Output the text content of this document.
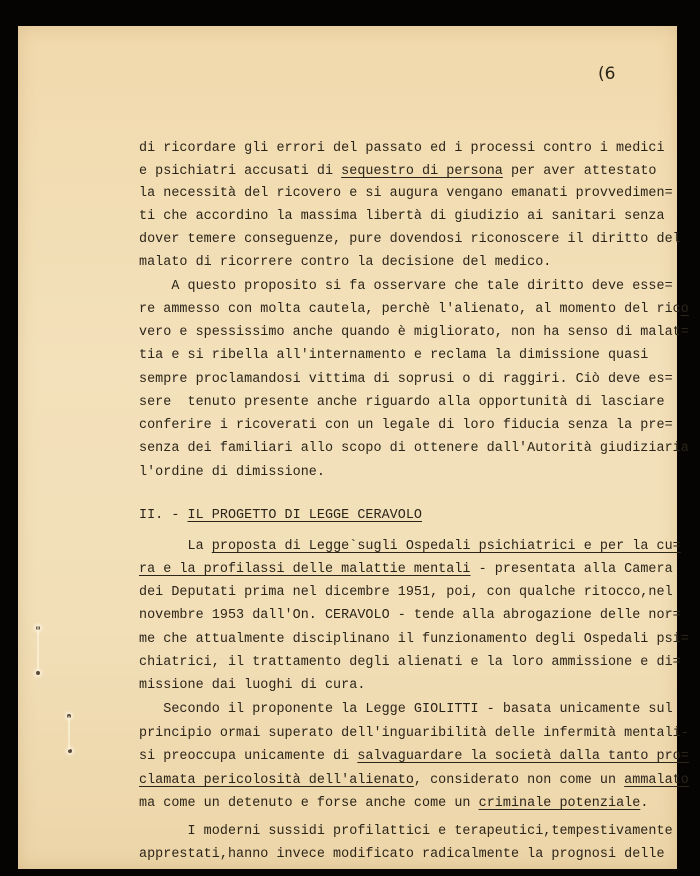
(6
di ricordare gli errori del passato ed i processi contro i medici
e psichiatri accusati di sequestro di persona per aver attestato
la necessità del ricovero e si augura vengano emanati provvedimen=
ti che accordino la massima libertà di giudizio ai sanitari senza
dover temere conseguenze, pure dovendosi riconoscere il diritto del
malato di ricorrere contro la decisione del medico.
A questo proposito si fa osservare che tale diritto deve esse=
re ammesso con molta cautela, perchè l'alienato, al momento del rico
vero e spessissimo anche quando è migliorato, non ha senso di malat=
tia e si ribella all'internamento e reclama la dimissione quasi
sempre proclamandosi vittima di soprusi o di raggiri. Ciò deve es=
sere  tenuto presente anche riguardo alla opportunità di lasciare
conferire i ricoverati con un legale di loro fiducia senza la pre=
senza dei familiari allo scopo di ottenere dall'Autorità giudiziaria
l'ordine di dimissione.
II. - IL PROGETTO DI LEGGE CERAVOLO
La proposta di Legge`sugli Ospedali psichiatrici e per la cu=
ra e la profilassi delle malattie mentali - presentata alla Camera
dei Deputati prima nel dicembre 1951, poi, con qualche ritocco,nel
novembre 1953 dall'On. CERAVOLO - tende alla abrogazione delle nor=
me che attualmente disciplinano il funzionamento degli Ospedali psi=
chiatrici, il trattamento degli alienati e la loro ammissione e di=
missione dai luoghi di cura.
Secondo il proponente la Legge GIOLITTI - basata unicamente sul
principio ormai superato dell'inguaribilità delle infermità mentali-
si preoccupa unicamente di salvaguardare la società dalla tanto pro=
clamata pericolosità dell'alienato, considerato non come un ammalato
ma come un detenuto e forse anche come un criminale potenziale.
I moderni sussidi profilattici e terapeutici,tempestivamente
apprestati,hanno invece modificato radicalmente la prognosi delle
